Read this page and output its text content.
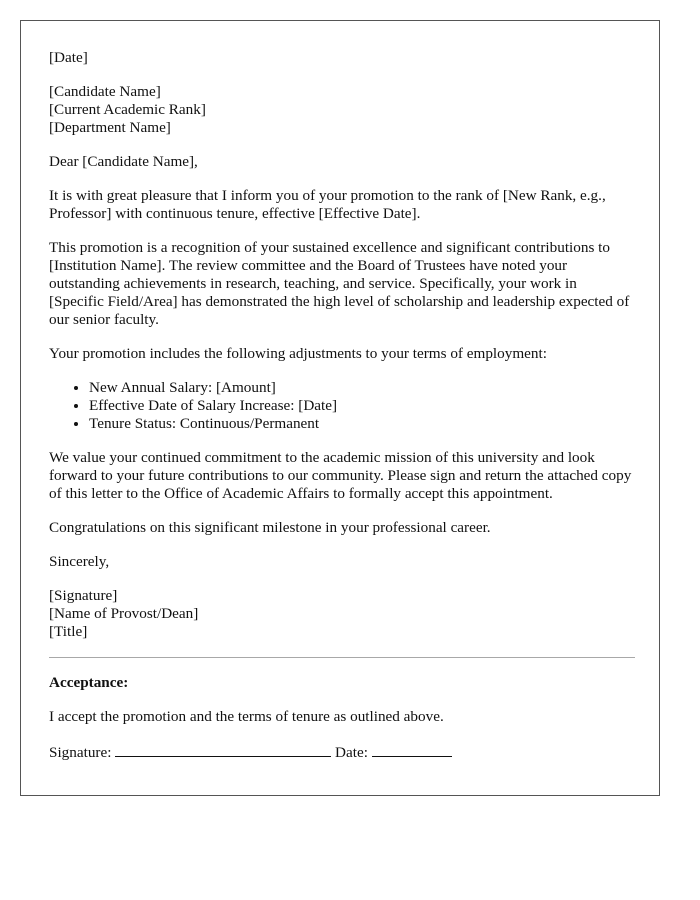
[Date]

[Candidate Name]
[Current Academic Rank]
[Department Name]

Dear [Candidate Name],

It is with great pleasure that I inform you of your promotion to the rank of [New Rank, e.g., Professor] with continuous tenure, effective [Effective Date].

This promotion is a recognition of your sustained excellence and significant contributions to [Institution Name]. The review committee and the Board of Trustees have noted your outstanding achievements in research, teaching, and service. Specifically, your work in [Specific Field/Area] has demonstrated the high level of scholarship and leadership expected of our senior faculty.

Your promotion includes the following adjustments to your terms of employment:

• New Annual Salary: [Amount]
• Effective Date of Salary Increase: [Date]
• Tenure Status: Continuous/Permanent

We value your continued commitment to the academic mission of this university and look forward to your future contributions to our community. Please sign and return the attached copy of this letter to the Office of Academic Affairs to formally accept this appointment.

Congratulations on this significant milestone in your professional career.

Sincerely,

[Signature]
[Name of Provost/Dean]
[Title]

Acceptance:

I accept the promotion and the terms of tenure as outlined above.

Signature:	Date:
